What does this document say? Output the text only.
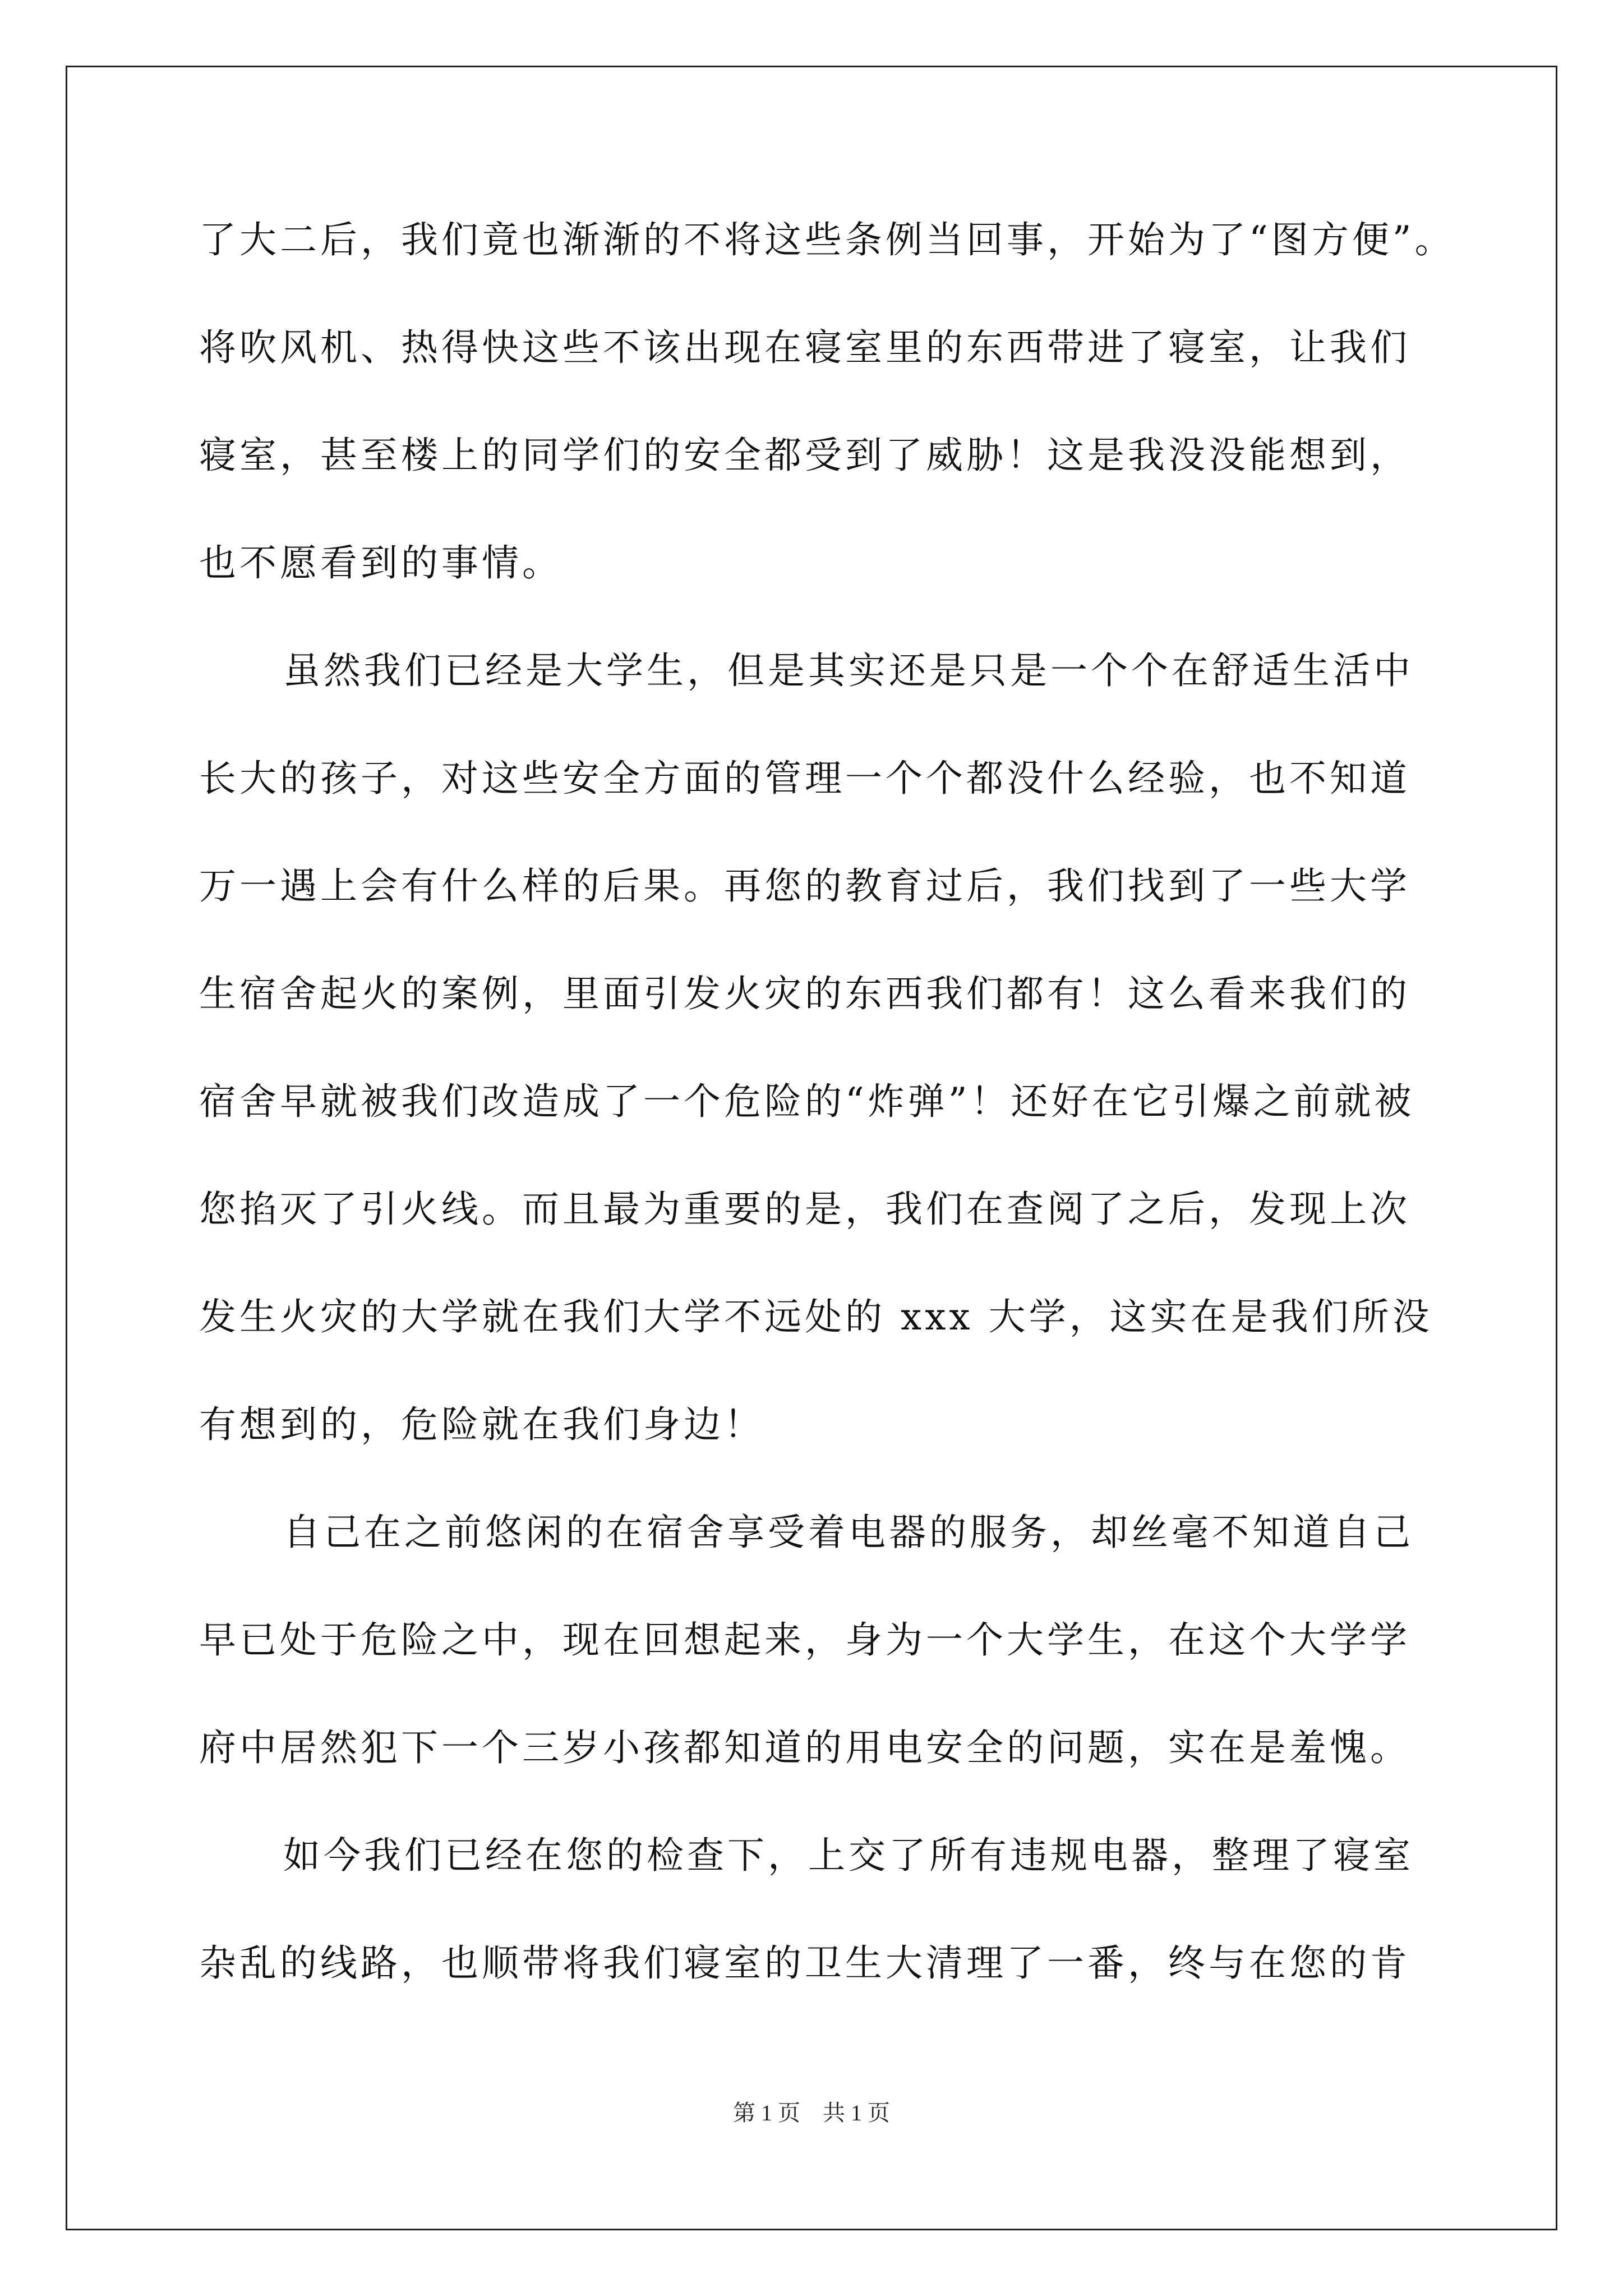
了大二后，我们竟也渐渐的不将这些条例当回事，开始为了“图方便”。
将吹风机、热得快这些不该出现在寝室里的东西带进了寝室，让我们
寝室，甚至楼上的同学们的安全都受到了威胁！这是我没没能想到，
也不愿看到的事情。
虽然我们已经是大学生，但是其实还是只是一个个在舒适生活中
长大的孩子，对这些安全方面的管理一个个都没什么经验，也不知道
万一遇上会有什么样的后果。再您的教育过后，我们找到了一些大学
生宿舍起火的案例，里面引发火灾的东西我们都有！这么看来我们的
宿舍早就被我们改造成了一个危险的“炸弹”！还好在它引爆之前就被
您掐灭了引火线。而且最为重要的是，我们在查阅了之后，发现上次
发生火灾的大学就在我们大学不远处的 xxx 大学，这实在是我们所没
有想到的，危险就在我们身边！
自己在之前悠闲的在宿舍享受着电器的服务，却丝毫不知道自己
早已处于危险之中，现在回想起来，身为一个大学生，在这个大学学
府中居然犯下一个三岁小孩都知道的用电安全的问题，实在是羞愧。
如今我们已经在您的检查下，上交了所有违规电器，整理了寝室
杂乱的线路，也顺带将我们寝室的卫生大清理了一番，终与在您的肯
第 1 页　共 1 页
